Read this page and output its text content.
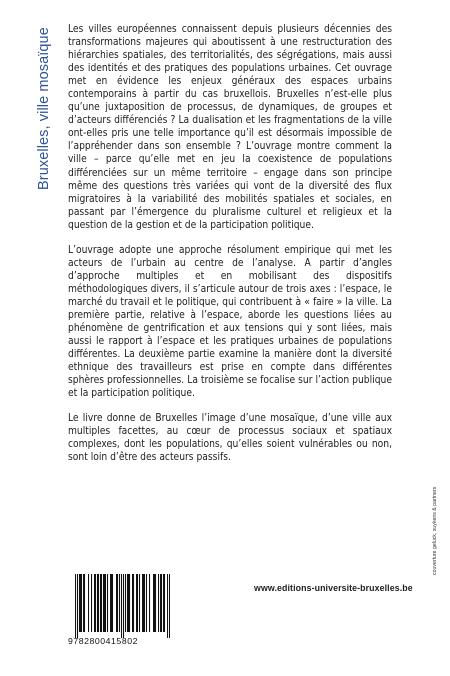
Bruxelles, ville mosaïque Les villes européennes connaissent depuis plusieurs décennies des transformations majeures qui aboutissent à une restructuration des hiérarchies spatiales, des territorialités, des ségrégations, mais aussi des identités et des pratiques des populations urbaines. Cet ouvrage met en évidence les enjeux généraux des espaces urbains contemporains à partir du cas bruxellois. Bruxelles n’est-elle plus qu’une juxtaposition de processus, de dynamiques, de groupes et d’acteurs différenciés ? La dualisation et les fragmentations de la ville ont-elles pris une telle importance qu’il est désormais impossible de l’appréhender dans son ensemble ? L’ouvrage montre comment la ville – parce qu’elle met en jeu la coexistence de populations différenciées sur un même territoire – engage dans son principe même des questions très variées qui vont de la diversité des flux migratoires à la variabilité des mobilités spatiales et sociales, en passant par l’émergence du pluralisme culturel et religieux et la question de la gestion et de la participation politique.

L’ouvrage adopte une approche résolument empirique qui met les acteurs de l’urbain au centre de l’analyse. A partir d’angles d’approche multiples et en mobilisant des dispositifs méthodologiques divers, il s’articule autour de trois axes : l’espace, le marché du travail et le politique, qui contribuent à « faire » la ville. La première partie, relative à l’espace, aborde les questions liées au phénomène de gentrification et aux tensions qui y sont liées, mais aussi le rapport à l’espace et les pratiques urbaines de populations différentes. La deuxième partie examine la manière dont la diversité ethnique des travailleurs est prise en compte dans différentes sphères professionnelles. La troisième se focalise sur l’action publique et la participation politique.

Le livre donne de Bruxelles l’image d’une mosaïque, d’une ville aux multiples facettes, au cœur de processus sociaux et spatiaux complexes, dont les populations, qu’elles soient vulnérables ou non, sont loin d’être des acteurs passifs.

couverture geluck, suykens & partners
www.editions-universite-bruxelles.be
9782800415802
